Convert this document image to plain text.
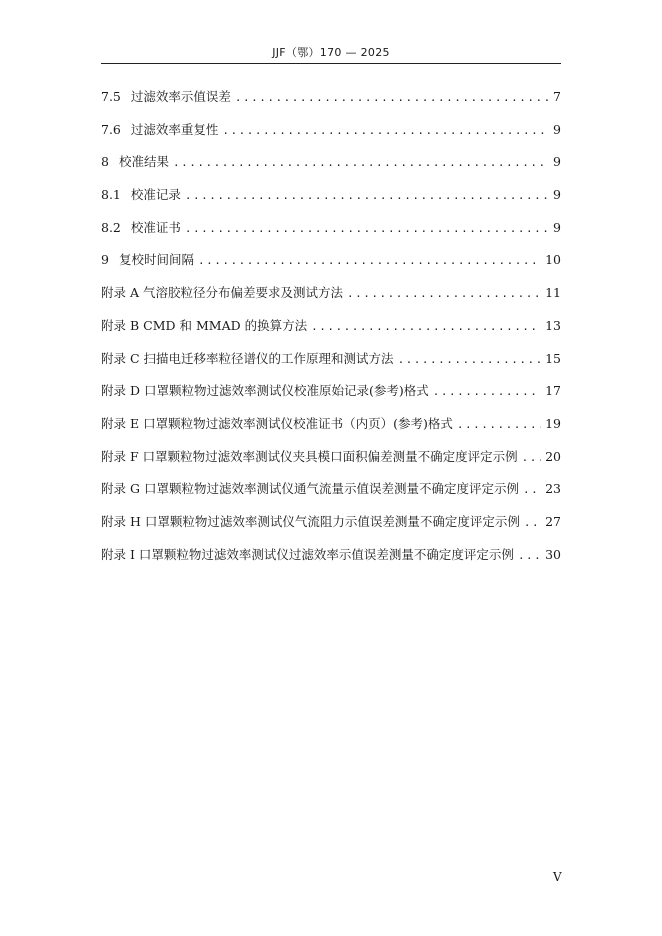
JJF（鄂）170 — 2025
7.5 过滤效率示值误差 .....	7
7.6 过滤效率重复性 .....	9
8 校准结果 .....	9
8.1 校准记录 .....	9
8.2 校准证书 .....	9
9 复校时间间隔 .....	10
附录 A 气溶胶粒径分布偏差要求及测试方法 .....	11
附录 B CMD 和 MMAD 的换算方法 .....	13
附录 C 扫描电迁移率粒径谱仪的工作原理和测试方法 .....	15
附录 D 口罩颗粒物过滤效率测试仪校准原始记录(参考)格式 .....	17
附录 E 口罩颗粒物过滤效率测试仪校准证书（内页）(参考)格式 .....	19
附录 F 口罩颗粒物过滤效率测试仪夹具模口面积偏差测量不确定度评定示例 ..... 20
附录 G 口罩颗粒物过滤效率测试仪通气流量示值误差测量不确定度评定示例 ..... 23
附录 H 口罩颗粒物过滤效率测试仪气流阻力示值误差测量不确定度评定示例 ..... 27
附录 I 口罩颗粒物过滤效率测试仪过滤效率示值误差测量不确定度评定示例 ..... 30
V
